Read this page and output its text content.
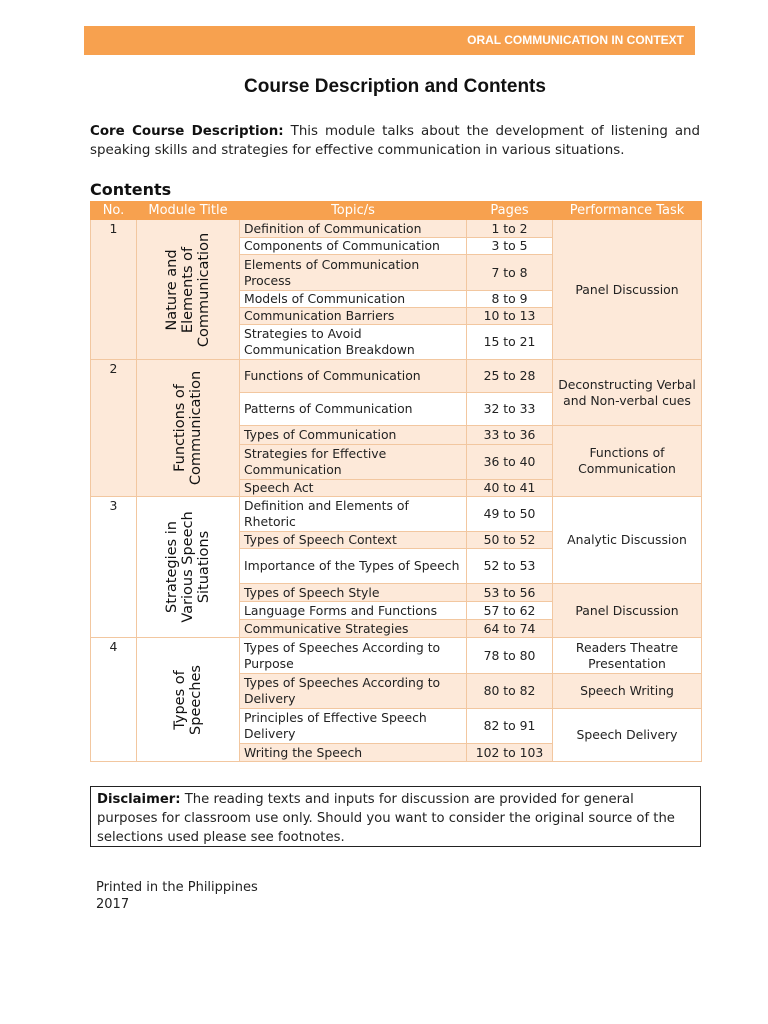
ORAL COMMUNICATION IN CONTEXT
Course Description and Contents
Core Course Description: This module talks about the development of listening and speaking skills and strategies for effective communication in various situations.
Contents
No.	Module Title	Topic/s	Pages	Performance Task
1	Nature and Elements of Communication	Definition of Communication	1 to 2	Panel Discussion
		Components of Communication	3 to 5	
		Elements of Communication Process	7 to 8	
		Models of Communication	8 to 9	
		Communication Barriers	10 to 13	
		Strategies to Avoid Communication Breakdown	15 to 21	
2	Functions of Communication	Functions of Communication	25 to 28	Deconstructing Verbal and Non-verbal cues
		Patterns of Communication	32 to 33	
		Types of Communication	33 to 36	Functions of Communication
		Strategies for Effective Communication	36 to 40	
		Speech Act	40 to 41	
3	Strategies in Various Speech Situations	Definition and Elements of Rhetoric	49 to 50	Analytic Discussion
		Types of Speech Context	50 to 52	
		Importance of the Types of Speech	52 to 53	
		Types of Speech Style	53 to 56	Panel Discussion
		Language Forms and Functions	57 to 62	
		Communicative Strategies	64 to 74	
4	Types of Speeches	Types of Speeches According to Purpose	78 to 80	Readers Theatre Presentation
		Types of Speeches According to Delivery	80 to 82	Speech Writing
		Principles of Effective Speech Delivery	82 to 91	Speech Delivery
		Writing the Speech	102 to 103	
Disclaimer: The reading texts and inputs for discussion are provided for general purposes for classroom use only. Should you want to consider the original source of the selections used please see footnotes.
Printed in the Philippines
2017
